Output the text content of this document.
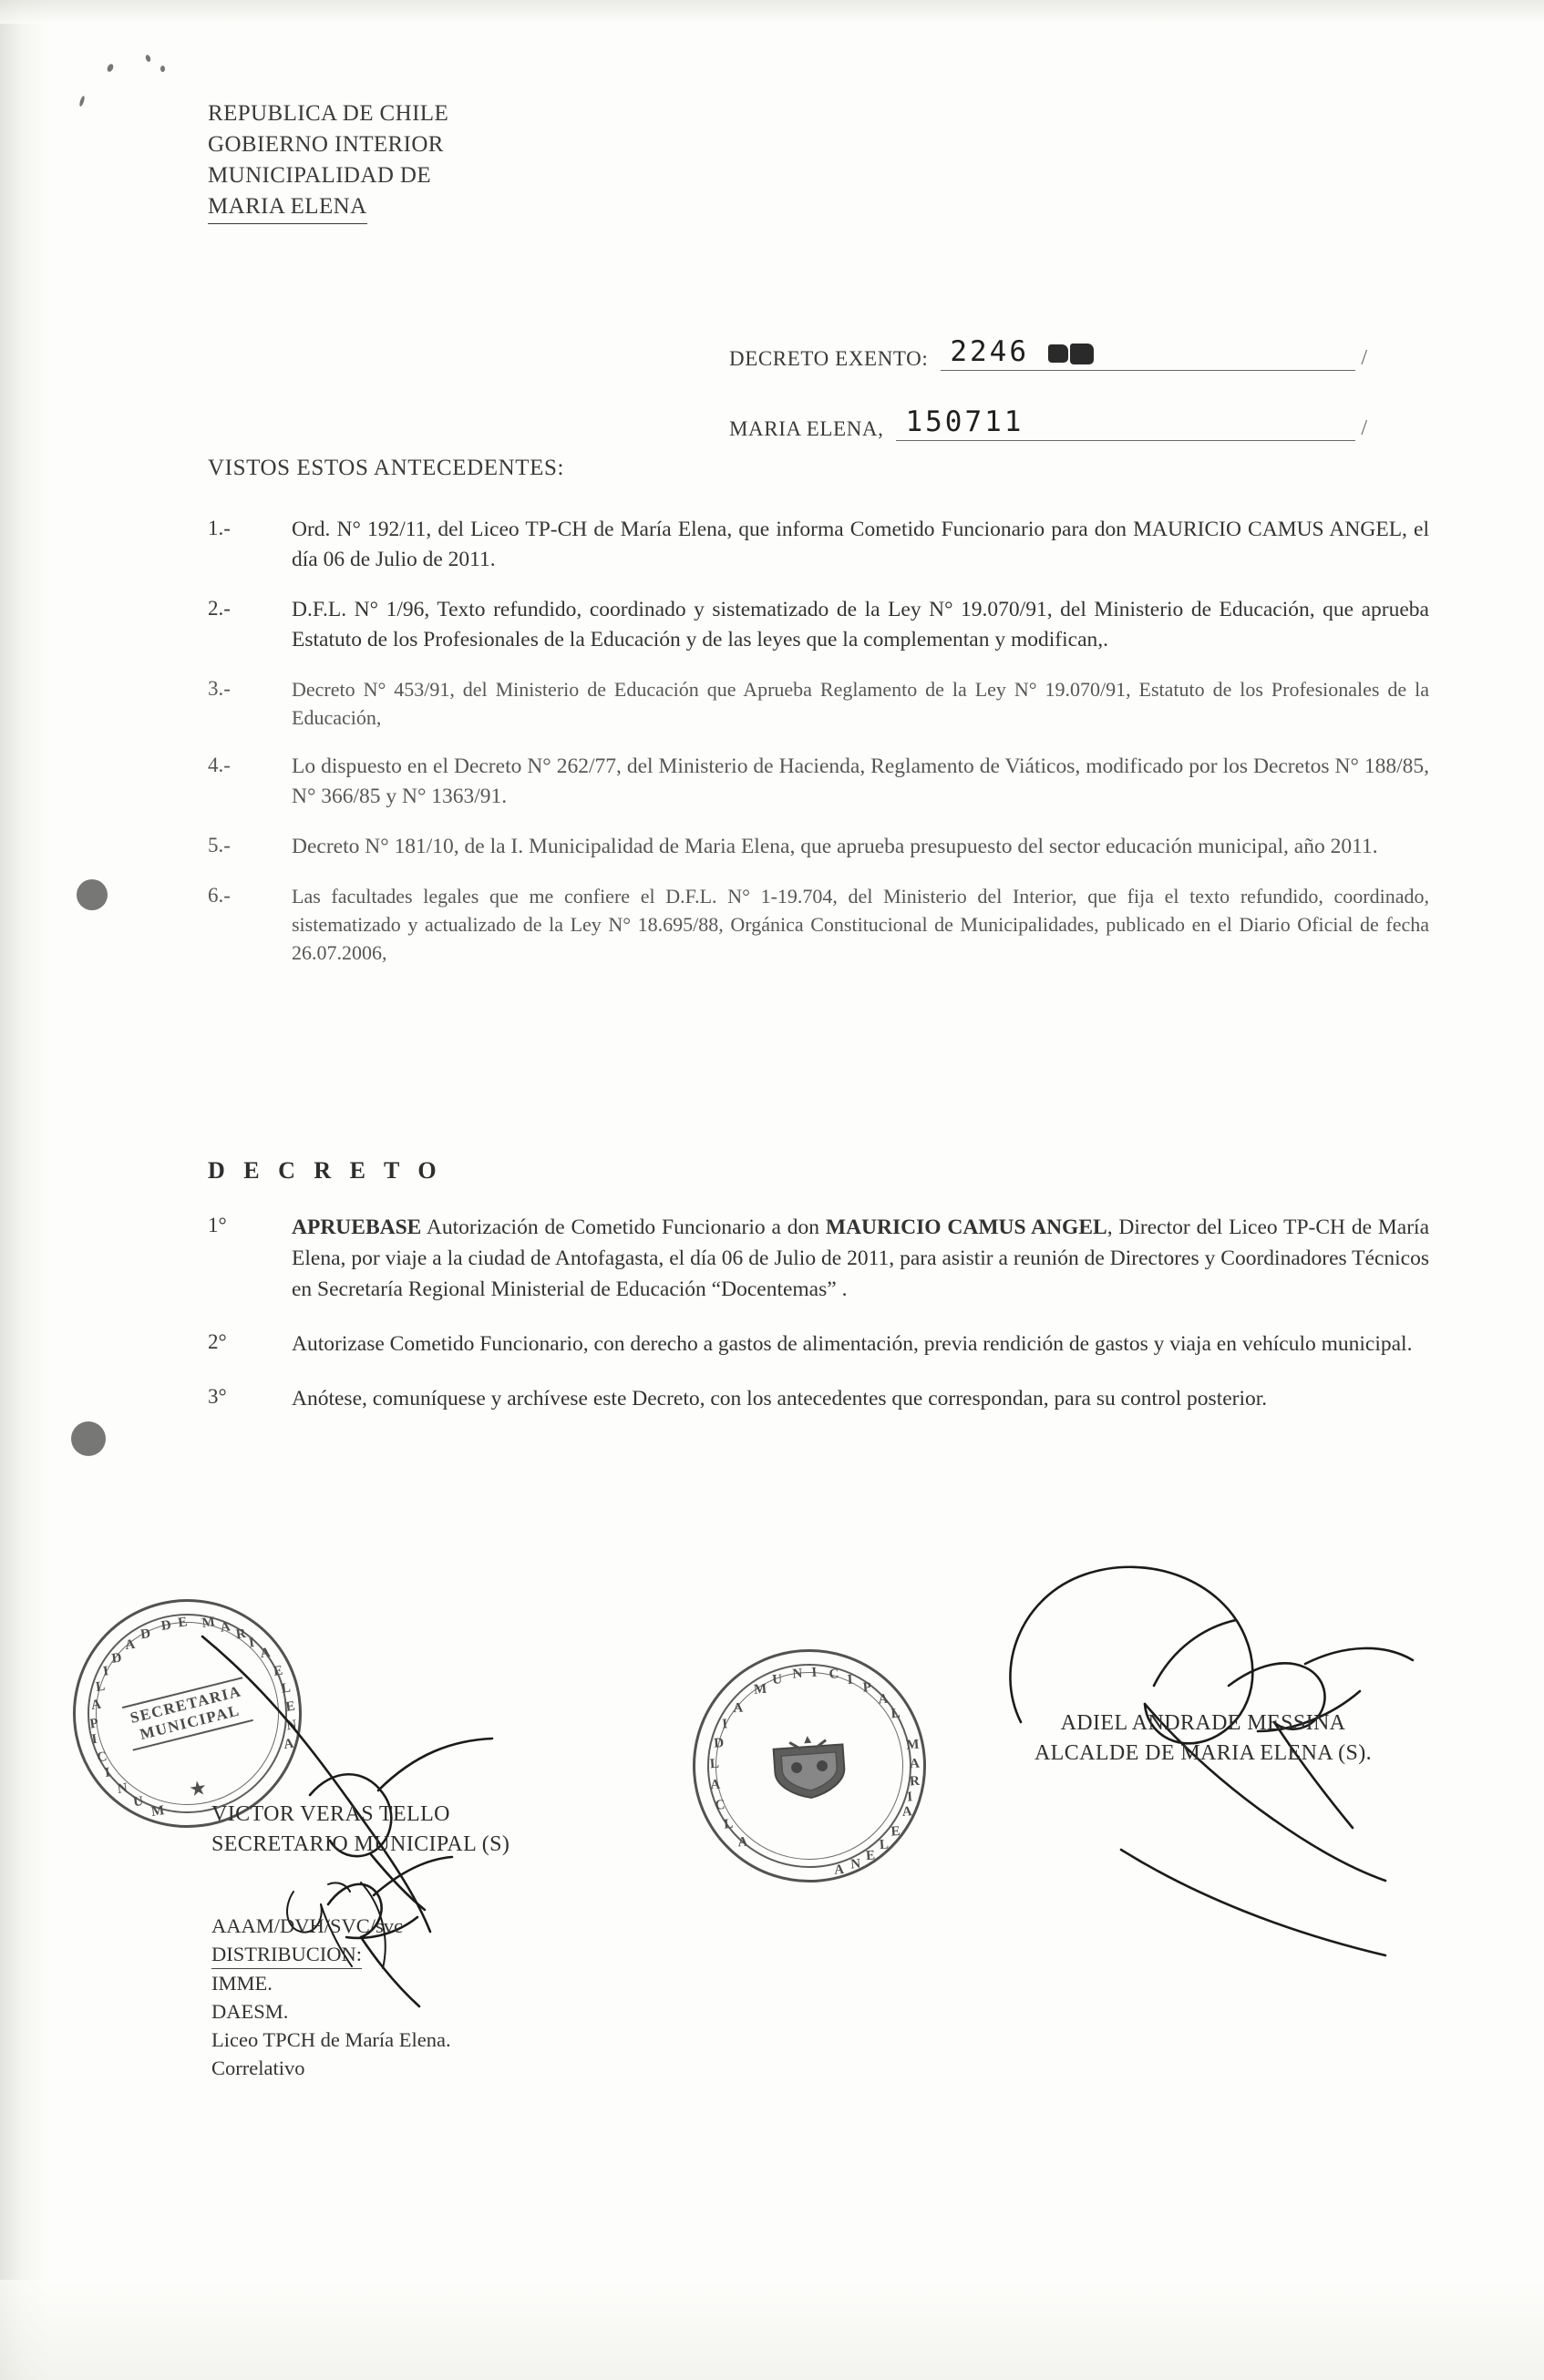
REPUBLICA DE CHILE
GOBIERNO INTERIOR
MUNICIPALIDAD DE
MARIA ELENA
DECRETO EXENTO: 2246	/
MARIA ELENA, 150711	/
VISTOS ESTOS ANTECEDENTES:
1.-	Ord. N° 192/11, del Liceo TP-CH de María Elena, que informa Cometido Funcionario para don MAURICIO CAMUS ANGEL, el día 06 de Julio de 2011.
2.-	D.F.L. N° 1/96, Texto refundido, coordinado y sistematizado de la Ley N° 19.070/91, del Ministerio de Educación, que aprueba Estatuto de los Profesionales de la Educación y de las leyes que la complementan y modifican,.
3.-	Decreto N° 453/91, del Ministerio de Educación que Aprueba Reglamento de la Ley N° 19.070/91, Estatuto de los Profesionales de la Educación,
4.-	Lo dispuesto en el Decreto N° 262/77, del Ministerio de Hacienda, Reglamento de Viáticos, modificado por los Decretos N° 188/85, N° 366/85 y N° 1363/91.
5.-	Decreto N° 181/10, de la I. Municipalidad de Maria Elena, que aprueba presupuesto del sector educación municipal, año 2011.
6.-	Las facultades legales que me confiere el D.F.L. N° 1-19.704, del Ministerio del Interior, que fija el texto refundido, coordinado, sistematizado y actualizado de la Ley N° 18.695/88, Orgánica Constitucional de Municipalidades, publicado en el Diario Oficial de fecha 26.07.2006,
D E C R E T O
1°	APRUEBASE Autorización de Cometido Funcionario a don MAURICIO CAMUS ANGEL, Director del Liceo TP-CH de María Elena, por viaje a la ciudad de Antofagasta, el día 06 de Julio de 2011, para asistir a reunión de Directores y Coordinadores Técnicos en Secretaría Regional Ministerial de Educación “Docentemas” .
2°	Autorizase Cometido Funcionario, con derecho a gastos de alimentación, previa rendición de gastos y viaja en vehículo municipal.
3°	Anótese, comuníquese y archívese este Decreto, con los antecedentes que correspondan, para su control posterior.
M
U
N
I
C
I
P
A
L
I
D
A
D
D E M A R
I
A
E
L
E
N
A
SECRETARIA MUNICIPAL
★
A
L
C
A
L
D
I
A
M
U N I C I
P
A
L
M
A
R
I
A
E
L
E
N
A
VICTOR VERAS TELLO
SECRETARIO MUNICIPAL (S)
ADIEL ANDRADE MESSINA
ALCALDE DE MARIA ELENA (S).
AAAM/DVH/SVC/svc
DISTRIBUCION:
IMME.
DAESM.
Liceo TPCH de María Elena.
Correlativo
